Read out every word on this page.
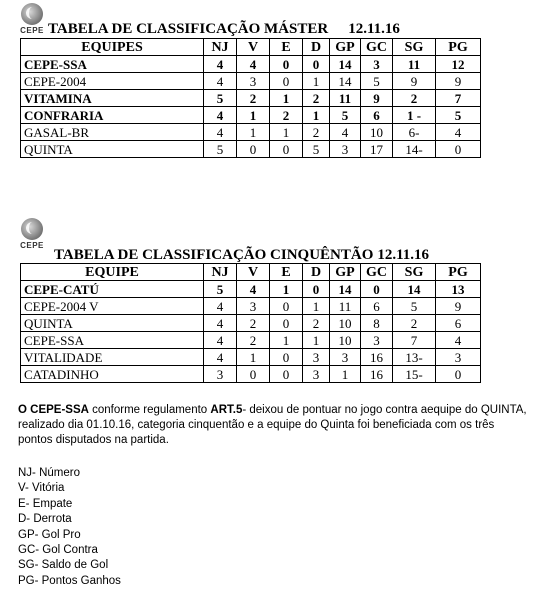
CEPE TABELA DE CLASSIFICAÇÃO MÁSTER 12.11.16
EQUIPES	NJ	V	E	D	GP	GC	SG	PG
CEPE-SSA	4	4	0	0	14	3	11	12
CEPE-2004	4	3	0	1	14	5	9	9
VITAMINA	5	2	1	2	11	9	2	7
CONFRARIA	4	1	2	1	5	6	1 -	5
GASAL-BR	4	1	1	2	4	10	6-	4
QUINTA	5	0	0	5	3	17	14-	0
CEPE
TABELA DE CLASSIFICAÇÃO CINQUÊNTÃO 12.11.16
EQUIPE	NJ	V	E	D	GP	GC	SG	PG
CEPE-CATÚ	5	4	1	0	14	0	14	13
CEPE-2004 V	4	3	0	1	11	6	5	9
QUINTA	4	2	0	2	10	8	2	6
CEPE-SSA	4	2	1	1	10	3	7	4
VITALIDADE	4	1	0	3	3	16	13-	3
CATADINHO	3	0	0	3	1	16	15-	0
O CEPE-SSA conforme regulamento ART.5- deixou de pontuar no jogo contra aequipe do QUINTA, realizado dia 01.10.16, categoria cinquentão e a equipe do Quinta foi beneficiada com os três pontos disputados na partida.
NJ- Número
V- Vitória
E- Empate
D- Derrota
GP- Gol Pro
GC- Gol Contra
SG- Saldo de Gol
PG- Pontos Ganhos
